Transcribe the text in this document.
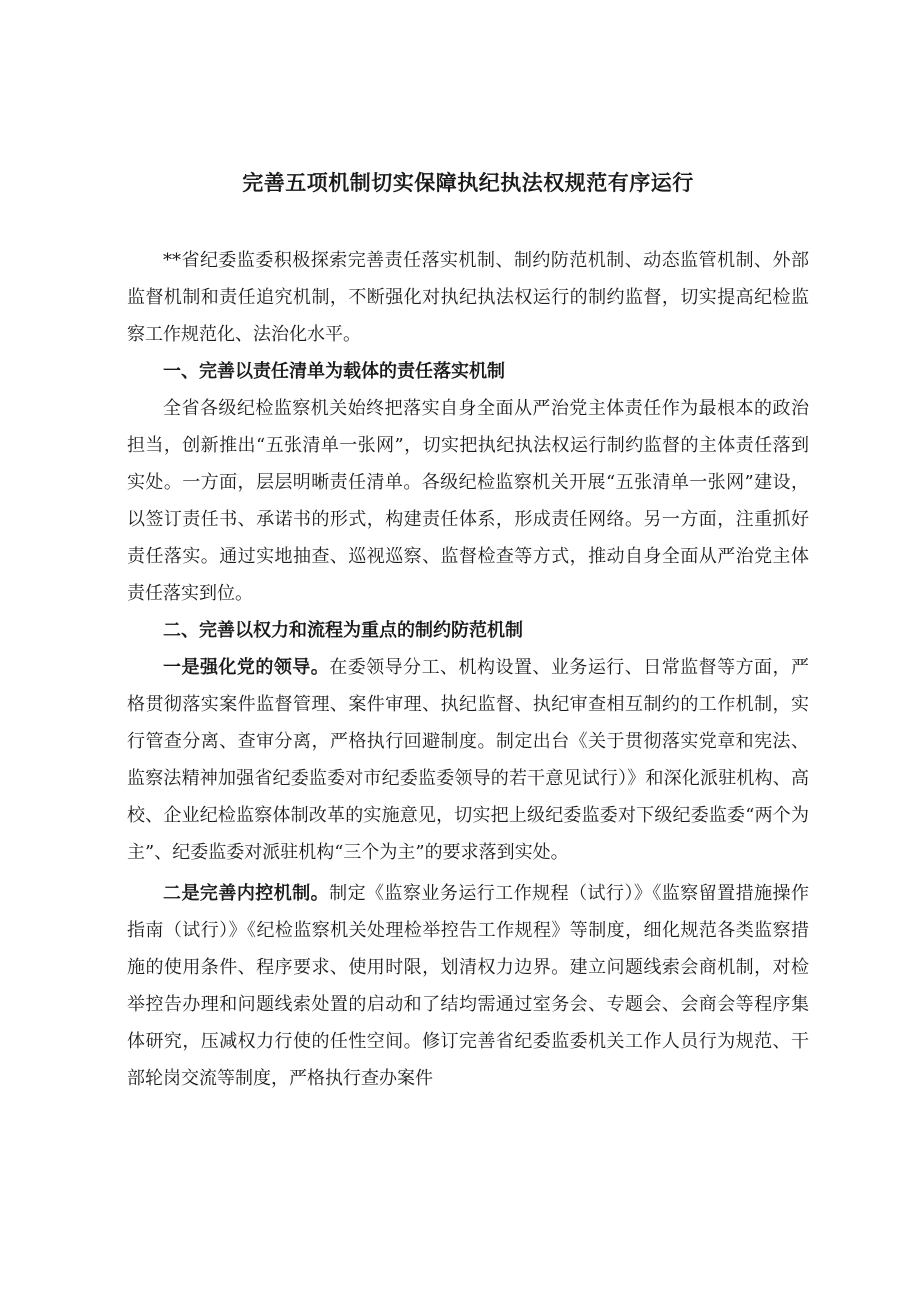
完善五项机制切实保障执纪执法权规范有序运行

**省纪委监委积极探索完善责任落实机制、制约防范机制、动态监管机制、外部监督机制和责任追究机制，不断强化对执纪执法权运行的制约监督，切实提高纪检监察工作规范化、法治化水平。

一、完善以责任清单为载体的责任落实机制

全省各级纪检监察机关始终把落实自身全面从严治党主体责任作为最根本的政治担当，创新推出“五张清单一张网”，切实把执纪执法权运行制约监督的主体责任落到实处。一方面，层层明晰责任清单。各级纪检监察机关开展“五张清单一张网”建设，以签订责任书、承诺书的形式，构建责任体系，形成责任网络。另一方面，注重抓好责任落实。通过实地抽查、巡视巡察、监督检查等方式，推动自身全面从严治党主体责任落实到位。

二、完善以权力和流程为重点的制约防范机制

一是强化党的领导。在委领导分工、机构设置、业务运行、日常监督等方面，严格贯彻落实案件监督管理、案件审理、执纪监督、执纪审查相互制约的工作机制，实行管查分离、查审分离，严格执行回避制度。制定出台《关于贯彻落实党章和宪法、监察法精神加强省纪委监委对市纪委监委领导的若干意见试行）》和深化派驻机构、高校、企业纪检监察体制改革的实施意见，切实把上级纪委监委对下级纪委监委“两个为主”、纪委监委对派驻机构“三个为主”的要求落到实处。

二是完善内控机制。制定《监察业务运行工作规程（试行）》《监察留置措施操作指南（试行）》《纪检监察机关处理检举控告工作规程》等制度，细化规范各类监察措施的使用条件、程序要求、使用时限，划清权力边界。建立问题线索会商机制，对检举控告办理和问题线索处置的启动和了结均需通过室务会、专题会、会商会等程序集体研究，压减权力行使的任性空间。修订完善省纪委监委机关工作人员行为规范、干部轮岗交流等制度，严格执行查办案件
